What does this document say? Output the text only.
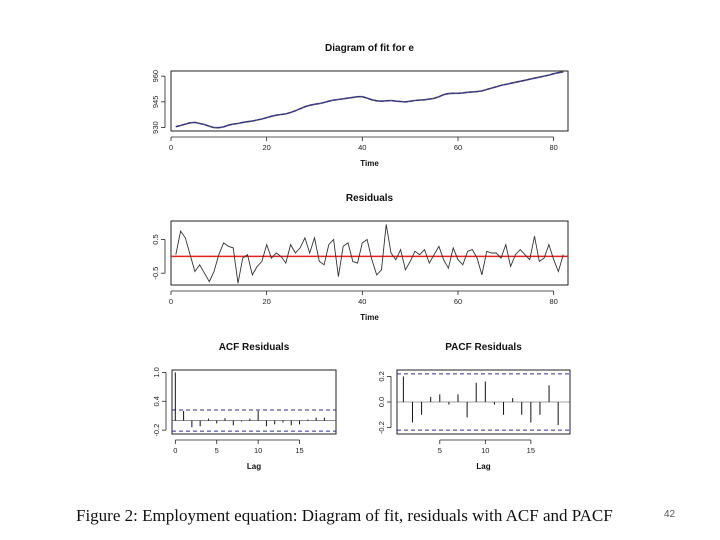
Diagram of fit for e
Time
0	20	40	60	80
930
945
960
Residuals
Time
0	20	40	60	80
-0.5
0.5
ACF Residuals
Lag
0	5	10	15
-0.2
0.4
1.0
PACF Residuals
Lag
5	10	15
-0.2
0.0
0.2
Figure 2: Employment equation: Diagram of fit, residuals with ACF and PACF	42
